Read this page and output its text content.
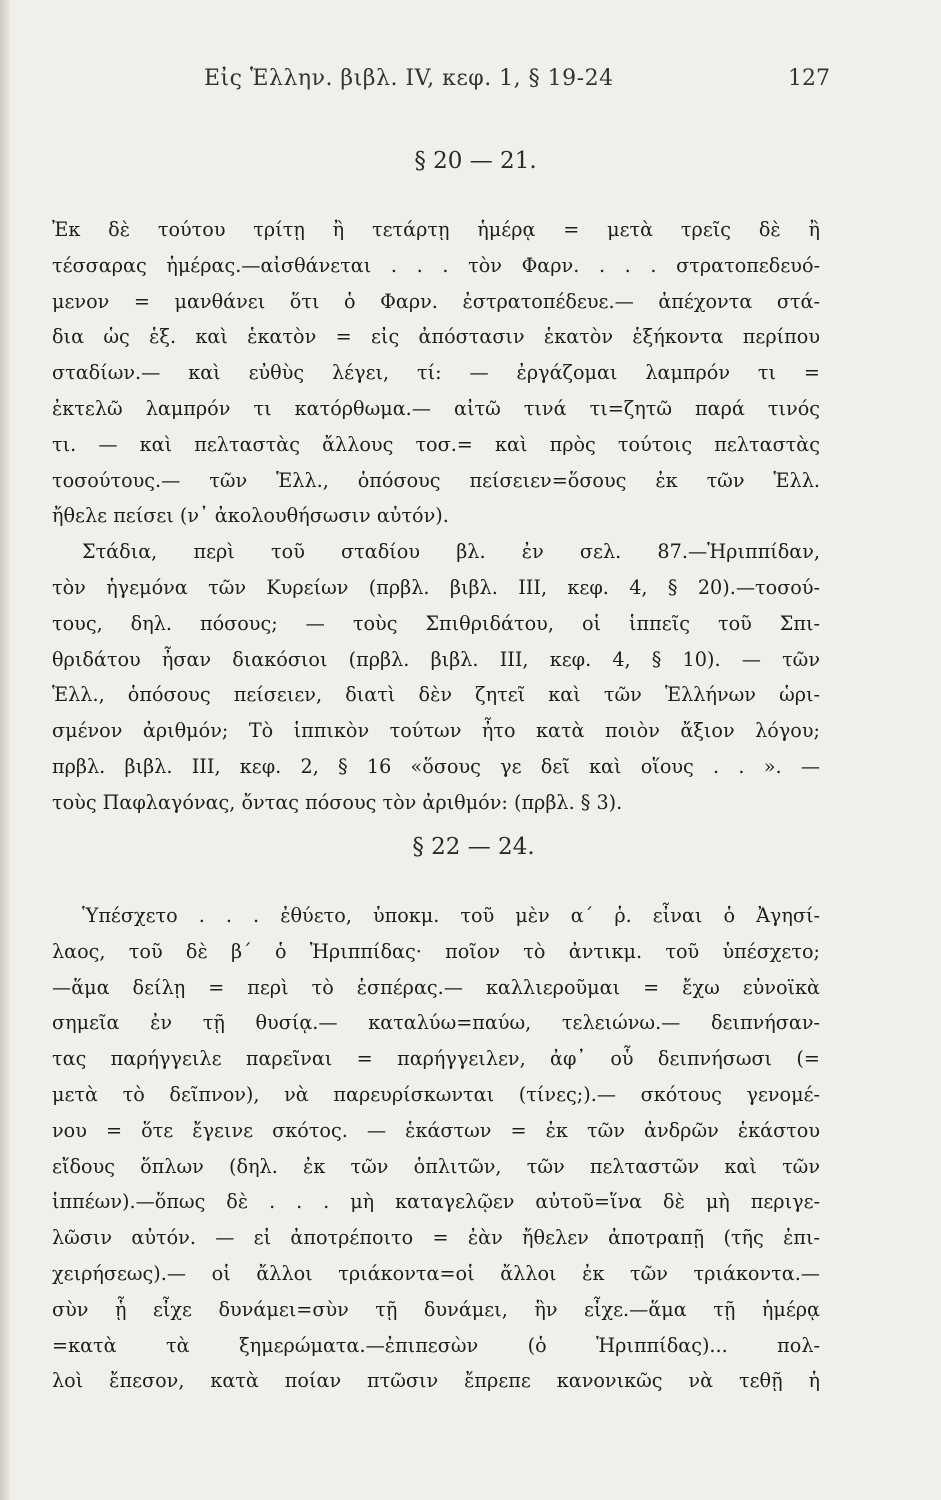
Εἰς Ἑλλην. βιβλ. IV, κεφ. 1, § 19-24	127
§ 20 — 21.
Ἐκ δὲ τούτου τρίτῃ ἢ τετάρτῃ ἡμέρᾳ = μετὰ τρεῖς δὲ ἢ
τέσσαρας ἡμέρας.—αἰσθάνεται . . . τὸν Φαρν. . . . στρατοπεδευό-
μενον = μανθάνει ὅτι ὁ Φαρν. ἐστρατοπέδευε.— ἀπέχοντα στά-
δια ὡς ἑξ. καὶ ἑκατὸν = εἰς ἀπόστασιν ἑκατὸν ἑξήκοντα περίπου
σταδίων.— καὶ εὐθὺς λέγει, τί: — ἐργάζομαι λαμπρόν τι =
ἐκτελῶ λαμπρόν τι κατόρθωμα.— αἰτῶ τινά τι=ζητῶ παρά τινός
τι. — καὶ πελταστὰς ἄλλους τοσ.= καὶ πρὸς τούτοις πελταστὰς
τοσούτους.— τῶν Ἑλλ., ὁπόσους πείσειεν=ὅσους ἐκ τῶν Ἑλλ.
ἤθελε πείσει (ν᾽ ἀκολουθήσωσιν αὐτόν).
Στάδια, περὶ τοῦ σταδίου βλ. ἐν σελ. 87.—Ἡριππίδαν,
τὸν ἡγεμόνα τῶν Κυρείων (πρβλ. βιβλ. III, κεφ. 4, § 20).—τοσού-
τους, δηλ. πόσους; — τοὺς Σπιθριδάτου, οἱ ἱππεῖς τοῦ Σπι-
θριδάτου ἦσαν διακόσιοι (πρβλ. βιβλ. III, κεφ. 4, § 10). — τῶν
Ἑλλ., ὁπόσους πείσειεν, διατὶ δὲν ζητεῖ καὶ τῶν Ἑλλήνων ὡρι-
σμένον ἀριθμόν; Τὸ ἱππικὸν τούτων ἦτο κατὰ ποιὸν ἄξιον λόγου;
πρβλ. βιβλ. III, κεφ. 2, § 16 «ὅσους γε δεῖ καὶ οἵους . . ». —
τοὺς Παφλαγόνας, ὄντας πόσους τὸν ἀριθμόν: (πρβλ. § 3).
§ 22 — 24.
Ὑπέσχετο . . . ἐθύετο, ὑποκμ. τοῦ μὲν α´ ῥ. εἶναι ὁ Ἀγησί-
λαος, τοῦ δὲ β´ ὁ Ἡριππίδας· ποῖον τὸ ἀντικμ. τοῦ ὑπέσχετο;
—ἅμα δείλῃ = περὶ τὸ ἑσπέρας.— καλλιεροῦμαι = ἔχω εὐνοϊκὰ
σημεῖα ἐν τῇ θυσίᾳ.— καταλύω=παύω, τελειώνω.— δειπνήσαν-
τας παρήγγειλε παρεῖναι = παρήγγειλεν, ἀφ᾽ οὗ δειπνήσωσι (=
μετὰ τὸ δεῖπνον), νὰ παρευρίσκωνται (τίνες;).— σκότους γενομέ-
νου = ὅτε ἔγεινε σκότος. — ἑκάστων = ἐκ τῶν ἀνδρῶν ἑκάστου
εἴδους ὅπλων (δηλ. ἐκ τῶν ὁπλιτῶν, τῶν πελταστῶν καὶ τῶν
ἱππέων).—ὅπως δὲ . . . μὴ καταγελῷεν αὐτοῦ=ἵνα δὲ μὴ περιγε-
λῶσιν αὐτόν. — εἰ ἀποτρέποιτο = ἐὰν ἤθελεν ἀποτραπῇ (τῆς ἐπι-
χειρήσεως).— οἱ ἄλλοι τριάκοντα=οἱ ἄλλοι ἐκ τῶν τριάκοντα.—
σὺν ᾗ εἶχε δυνάμει=σὺν τῇ δυνάμει, ἣν εἶχε.—ἅμα τῇ ἡμέρᾳ
=κατὰ τὰ ξημερώματα.—ἐπιπεσὼν (ὁ Ἡριππίδας)... πολ-
λοὶ ἔπεσον, κατὰ ποίαν πτῶσιν ἔπρεπε κανονικῶς νὰ τεθῇ ἡ
